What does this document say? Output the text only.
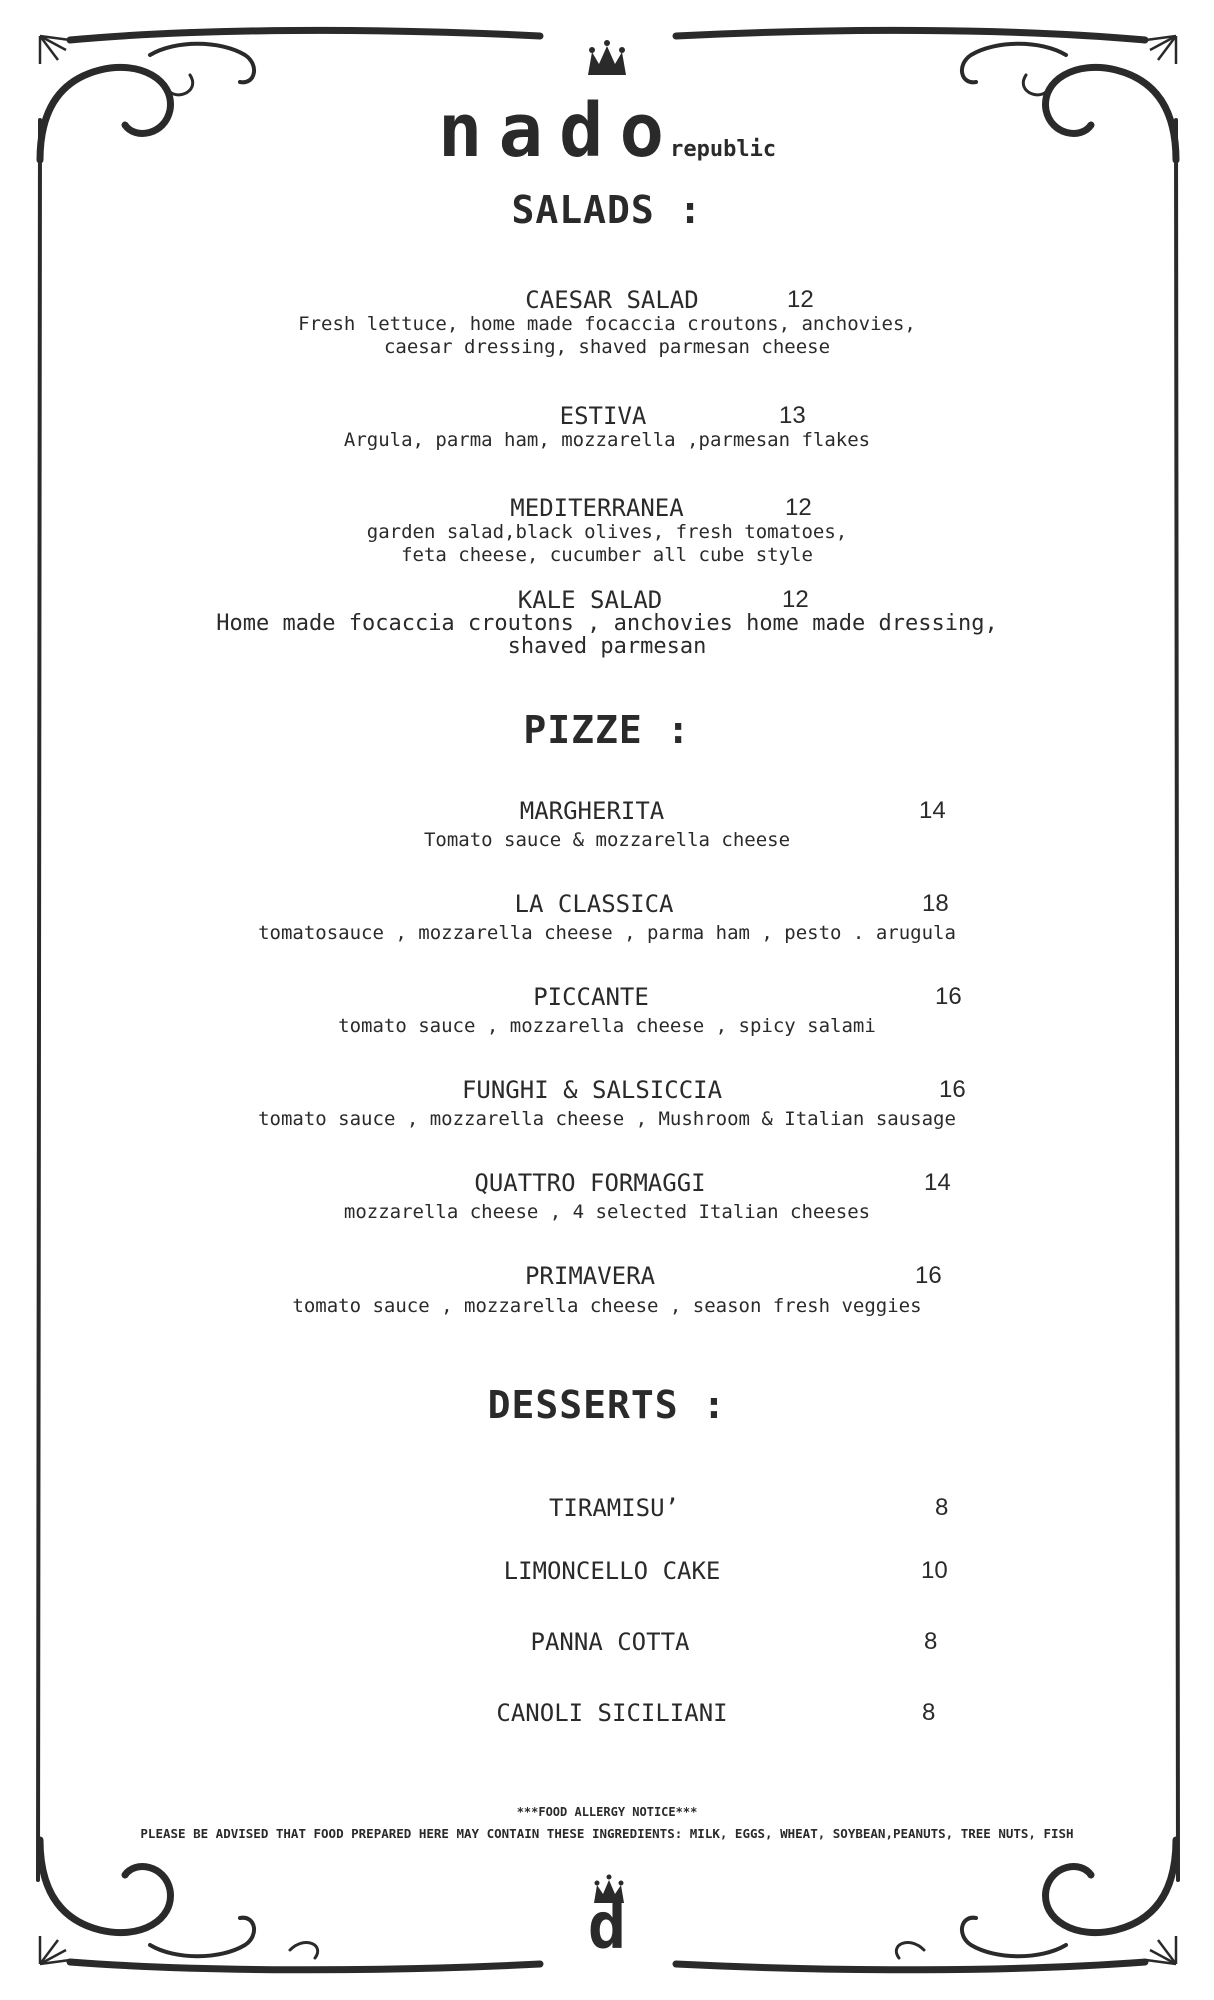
nadorepublic
SALADS :
CAESAR SALAD	12
Fresh lettuce, home made focaccia croutons, anchovies,
caesar dressing, shaved parmesan cheese
ESTIVA	13
Argula, parma ham, mozzarella ,parmesan flakes
MEDITERRANEA	12
garden salad,black olives, fresh tomatoes,
feta cheese, cucumber all cube style
KALE SALAD	12
Home made focaccia croutons , anchovies home made dressing,
shaved parmesan
PIZZE :
MARGHERITA	14
Tomato sauce & mozzarella cheese
LA CLASSICA	18
tomatosauce , mozzarella cheese , parma ham , pesto . arugula
PICCANTE	16
tomato sauce , mozzarella cheese , spicy salami
FUNGHI & SALSICCIA	16
tomato sauce , mozzarella cheese , Mushroom & Italian sausage
QUATTRO FORMAGGI	14
mozzarella cheese , 4 selected Italian cheeses
PRIMAVERA	16
tomato sauce , mozzarella cheese , season fresh veggies
DESSERTS :
TIRAMISU’	8
LIMONCELLO CAKE	10
PANNA COTTA	8
CANOLI SICILIANI	8
***FOOD ALLERGY NOTICE***
PLEASE BE ADVISED THAT FOOD PREPARED HERE MAY CONTAIN THESE INGREDIENTS: MILK, EGGS, WHEAT, SOYBEAN,PEANUTS, TREE NUTS, FISH
d
